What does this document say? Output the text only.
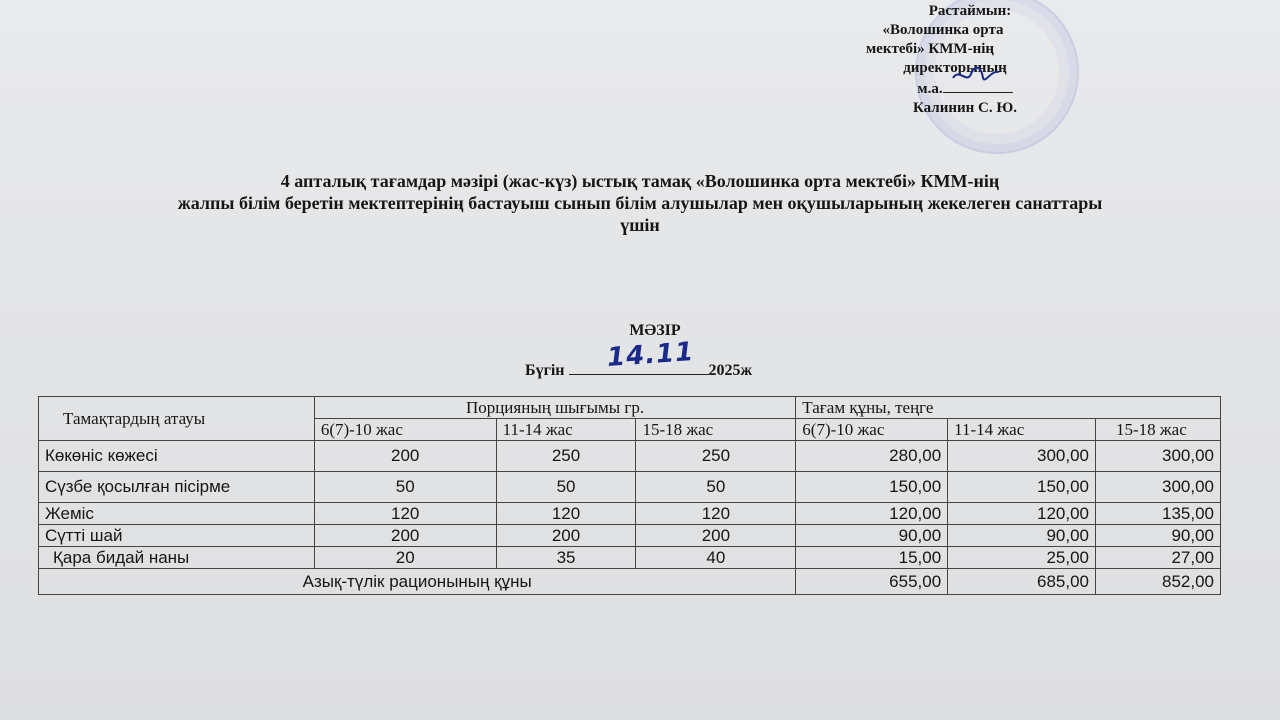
Растаймын:
«Волошинка орта
мектебі» КММ-нің
директорының
м.а.
Калинин С. Ю.
4 апталық тағамдар мәзірі (жас-күз) ыстық тамақ «Волошинка орта мектебі» КММ-нің
жалпы білім беретін мектептерінің бастауыш сынып білім алушылар мен оқушыларының жекелеген санаттары
үшін
МӘЗІР
Бүгін 14.11 2025ж
Тамақтардың атауы	Порцияның шығымы гр.			Тағам құны, теңге		
	6(7)-10 жас	11-14 жас	15-18 жас	6(7)-10 жас	11-14 жас	15-18 жас
Көкөніс көжесі	200	250	250	280,00	300,00	300,00
Сүзбе қосылған пісірме	50	50	50	150,00	150,00	300,00
Жеміс	120	120	120	120,00	120,00	135,00
Сүтті шай	200	200	200	90,00	90,00	90,00
Қара бидай наны	20	35	40	15,00	25,00	27,00
Азық-түлік рационының құны				655,00	685,00	852,00
